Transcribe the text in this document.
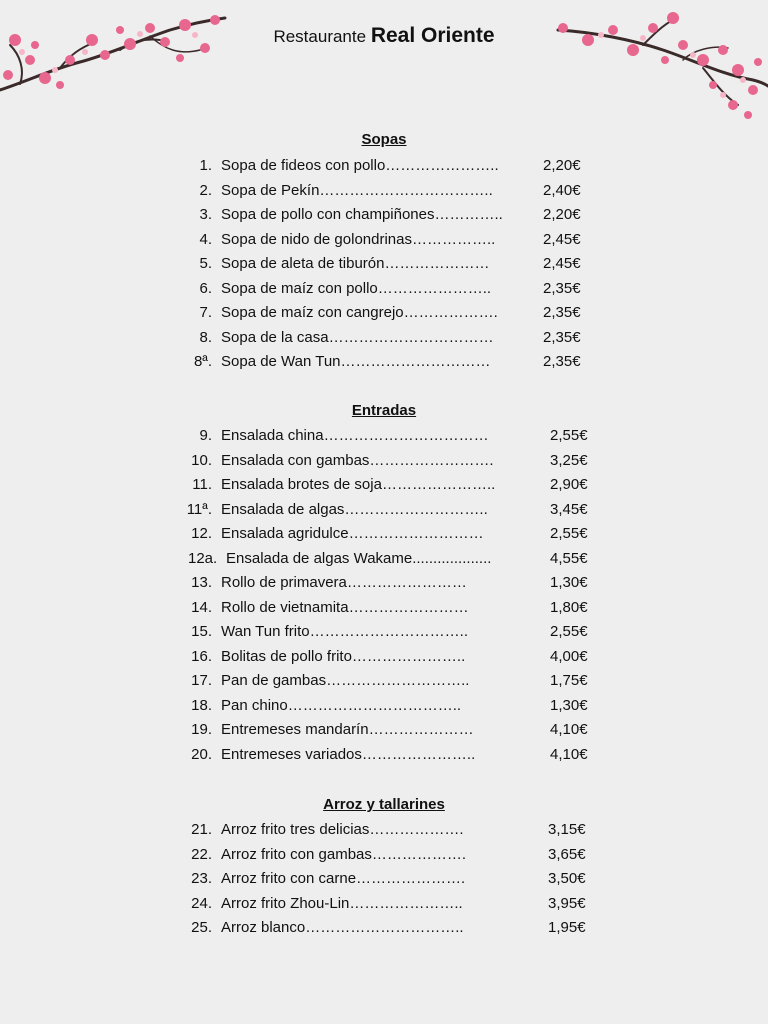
Restaurante Real Oriente
Sopas
1. Sopa de fideos con pollo…………………..	2,20€
2. Sopa de Pekín……………………………..	2,40€
3. Sopa de pollo con champiñones…………..	2,20€
4. Sopa de nido de golondrinas……………..	2,45€
5. Sopa de aleta de tiburón…………………	2,45€
6. Sopa de maíz con pollo…………………..	2,35€
7. Sopa de maíz con cangrejo……………….	2,35€
8. Sopa de la casa……………………………	2,35€
8ª. Sopa de Wan Tun…………………………	2,35€
Entradas
9. Ensalada china……………………………	2,55€
10. Ensalada con gambas…………………….	3,25€
11. Ensalada brotes de soja…………………..	2,90€
11ª. Ensalada de algas………………………..	3,45€
12. Ensalada agridulce………………………	2,55€
12a. Ensalada de algas Wakame...................	4,55€
13. Rollo de primavera……………………	1,30€
14. Rollo de vietnamita……………………	1,80€
15. Wan Tun frito…………………………..	2,55€
16. Bolitas de pollo frito…………………..	4,00€
17. Pan de gambas………………………..	1,75€
18. Pan chino……………………………..	1,30€
19. Entremeses mandarín…………………	4,10€
20. Entremeses variados…………………..	4,10€
Arroz y tallarines
21. Arroz frito tres delicias……………….	3,15€
22. Arroz frito con gambas……………….	3,65€
23. Arroz frito con carne………………….	3,50€
24. Arroz frito Zhou-Lin…………………..	3,95€
25. Arroz blanco…………………………..	1,95€
